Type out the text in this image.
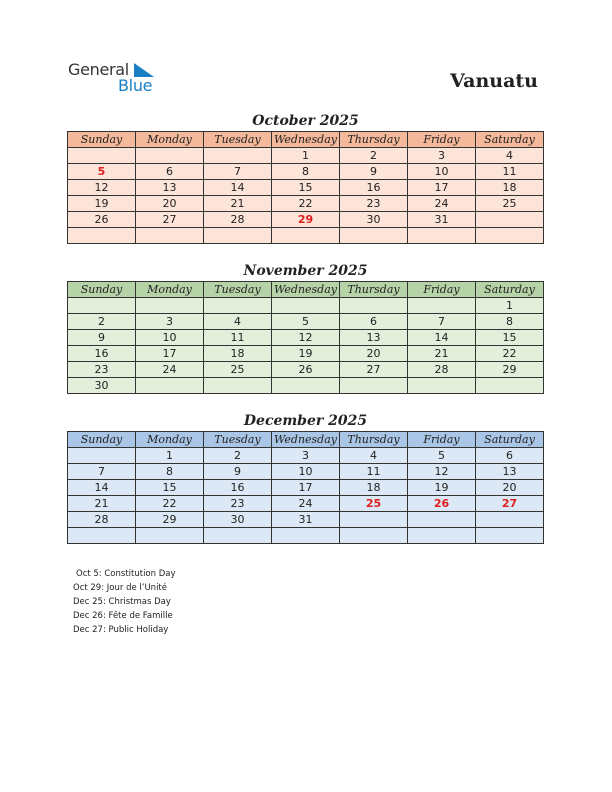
General
Blue	Vanuatu
October 2025
Sunday	Monday	Tuesday	Wednesday	Thursday	Friday	Saturday
			1	2	3	4
5	6	7	8	9	10	11
12	13	14	15	16	17	18
19	20	21	22	23	24	25
26	27	28	29	30	31	

November 2025
Sunday	Monday	Tuesday	Wednesday	Thursday	Friday	Saturday
						1
2	3	4	5	6	7	8
9	10	11	12	13	14	15
16	17	18	19	20	21	22
23	24	25	26	27	28	29
30						
December 2025
Sunday	Monday	Tuesday	Wednesday	Thursday	Friday	Saturday
	1	2	3	4	5	6
7	8	9	10	11	12	13
14	15	16	17	18	19	20
21	22	23	24	25	26	27
28	29	30	31			

Oct 5: Constitution Day
Oct 29: Jour de l’Unité
Dec 25: Christmas Day
Dec 26: Fête de Famille
Dec 27: Public Holiday
